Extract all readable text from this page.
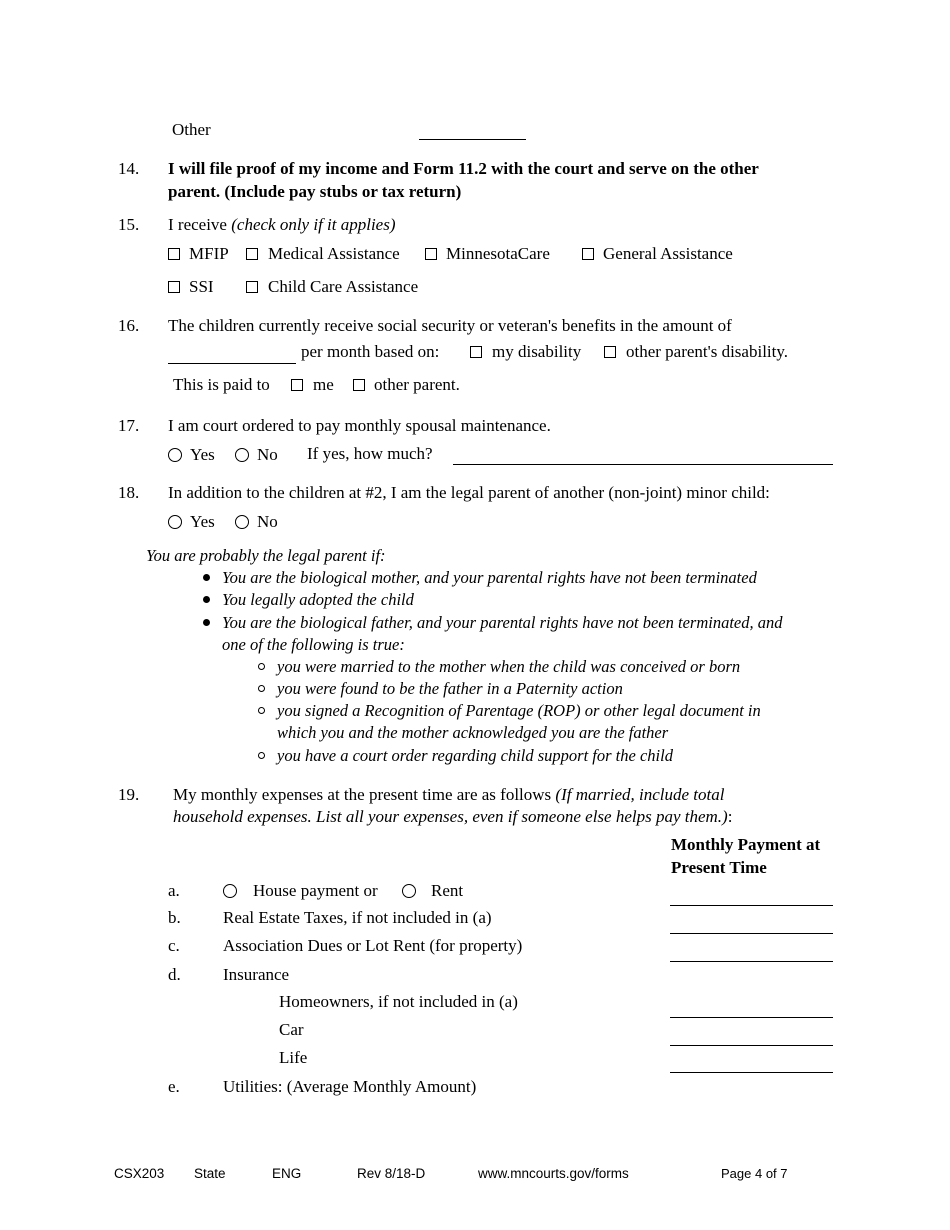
Other
14. I will file proof of my income and Form 11.2 with the court and serve on the other
parent. (Include pay stubs or tax return)
15. I receive (check only if it applies)
MFIP Medical Assistance	MinnesotaCare	General Assistance
SSI	Child Care Assistance
16. The children currently receive social security or veteran's benefits in the amount of
per month based on:	my disability	other parent's disability.
This is paid to	me other parent.
17. I am court ordered to pay monthly spousal maintenance.
Yes No If yes, how much?
18. In addition to the children at #2, I am the legal parent of another (non-joint) minor child:
Yes No
You are probably the legal parent if:
You are the biological mother, and your parental rights have not been terminated
You legally adopted the child
You are the biological father, and your parental rights have not been terminated, and
one of the following is true:
you were married to the mother when the child was conceived or born
you were found to be the father in a Paternity action
you signed a Recognition of Parentage (ROP) or other legal document in
which you and the mother acknowledged you are the father
you have a court order regarding child support for the child
19. My monthly expenses at the present time are as follows (If married, include total
household expenses. List all your expenses, even if someone else helps pay them.):
Monthly Payment at
Present Time
a.	House payment or	Rent
b. Real Estate Taxes, if not included in (a)
c.	Association Dues or Lot Rent (for property)
d. Insurance
Homeowners, if not included in (a)
Car
Life
e.	Utilities: (Average Monthly Amount)
CSX203 State	ENG	Rev 8/18-D	www.mncourts.gov/forms	Page 4 of 7
